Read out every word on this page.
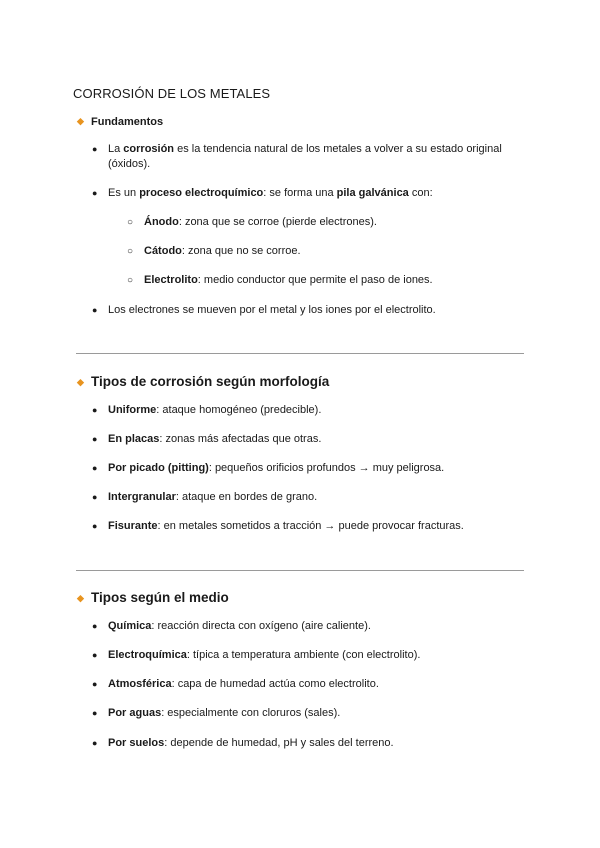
CORROSIÓN DE LOS METALES
◆ Fundamentos
● La corrosión es la tendencia natural de los metales a volver a su estado original (óxidos).
● Es un proceso electroquímico: se forma una pila galvánica con:
○ Ánodo: zona que se corroe (pierde electrones).
○ Cátodo: zona que no se corroe.
○ Electrolito: medio conductor que permite el paso de iones.
● Los electrones se mueven por el metal y los iones por el electrolito.
◆ Tipos de corrosión según morfología
● Uniforme: ataque homogéneo (predecible).
● En placas: zonas más afectadas que otras.
● Por picado (pitting): pequeños orificios profundos → muy peligrosa.
● Intergranular: ataque en bordes de grano.
● Fisurante: en metales sometidos a tracción → puede provocar fracturas.
◆ Tipos según el medio
● Química: reacción directa con oxígeno (aire caliente).
● Electroquímica: típica a temperatura ambiente (con electrolito).
● Atmosférica: capa de humedad actúa como electrolito.
● Por aguas: especialmente con cloruros (sales).
● Por suelos: depende de humedad, pH y sales del terreno.
